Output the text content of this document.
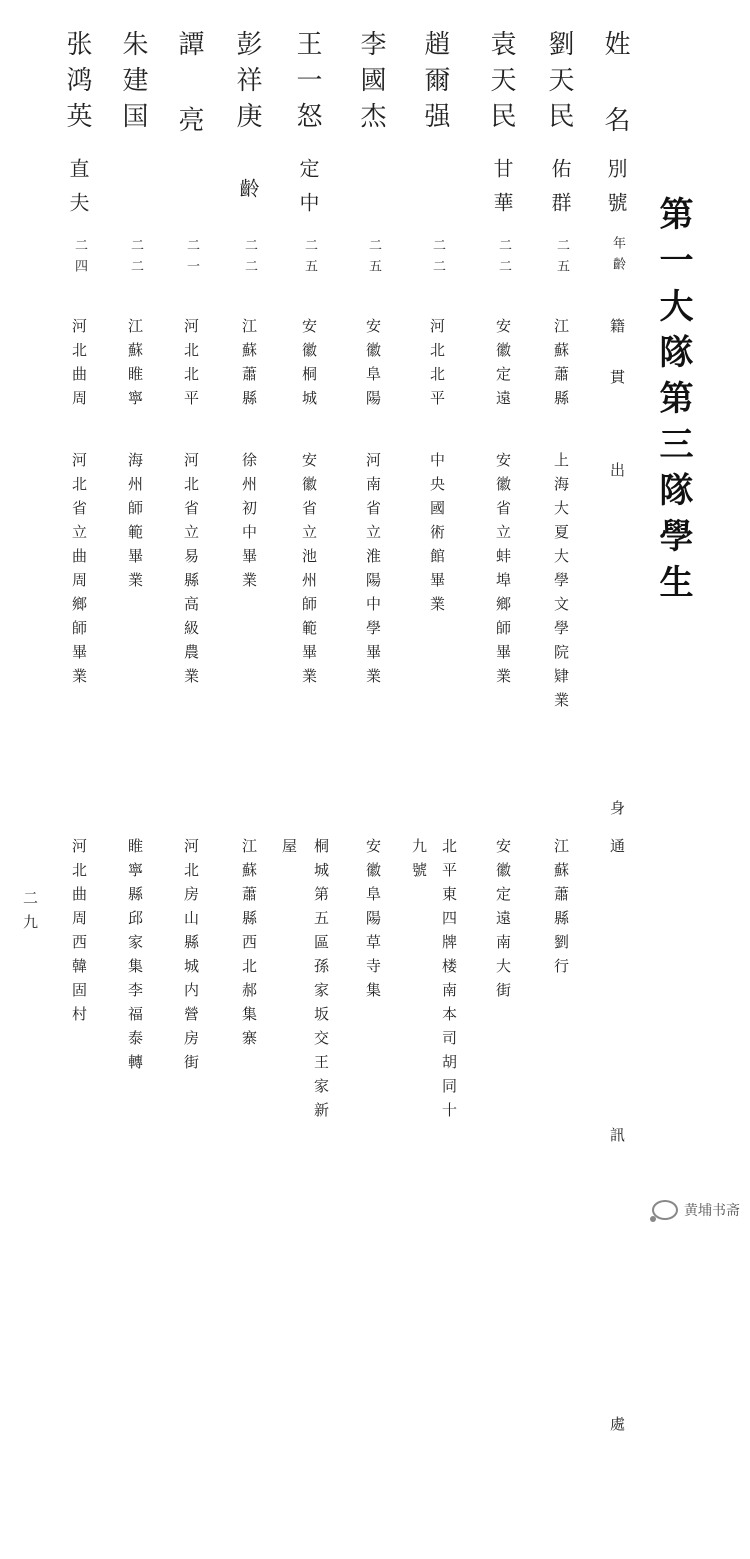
第一大隊第三隊學生
姓 名
別號
年齡
籍 貫
出
身
通 訊 處
劉天民
佑群
二五
江蘇蕭縣
上海大夏大學文學院肄業
江蘇蕭縣劉行
袁天民
甘華
二二
安徽定遠
安徽省立蚌埠鄉師畢業
安徽定遠南大街
趙爾强
二二
河北北平
中央國術館畢業
北平東四牌楼南本司胡同十
九號
李國杰
二五
安徽阜陽
河南省立淮陽中學畢業
安徽阜陽草寺集
王一怒
定中
二五
安徽桐城
安徽省立池州師範畢業
桐城第五區孫家坂交王家新
屋
彭祥庚
齡
二二
江蘇蕭縣
徐州初中畢業
江蘇蕭縣西北郝集寨
譚 亮
二一
河北北平
河北省立易縣高級農業
河北房山縣城内營房街
朱建国
二二
江蘇睢寧
海州師範畢業
睢寧縣邱家集李福泰轉
张鸿英
直夫
二四
河北曲周
河北省立曲周鄉師畢業
河北曲周西韓固村
二九
黄埔书斋
